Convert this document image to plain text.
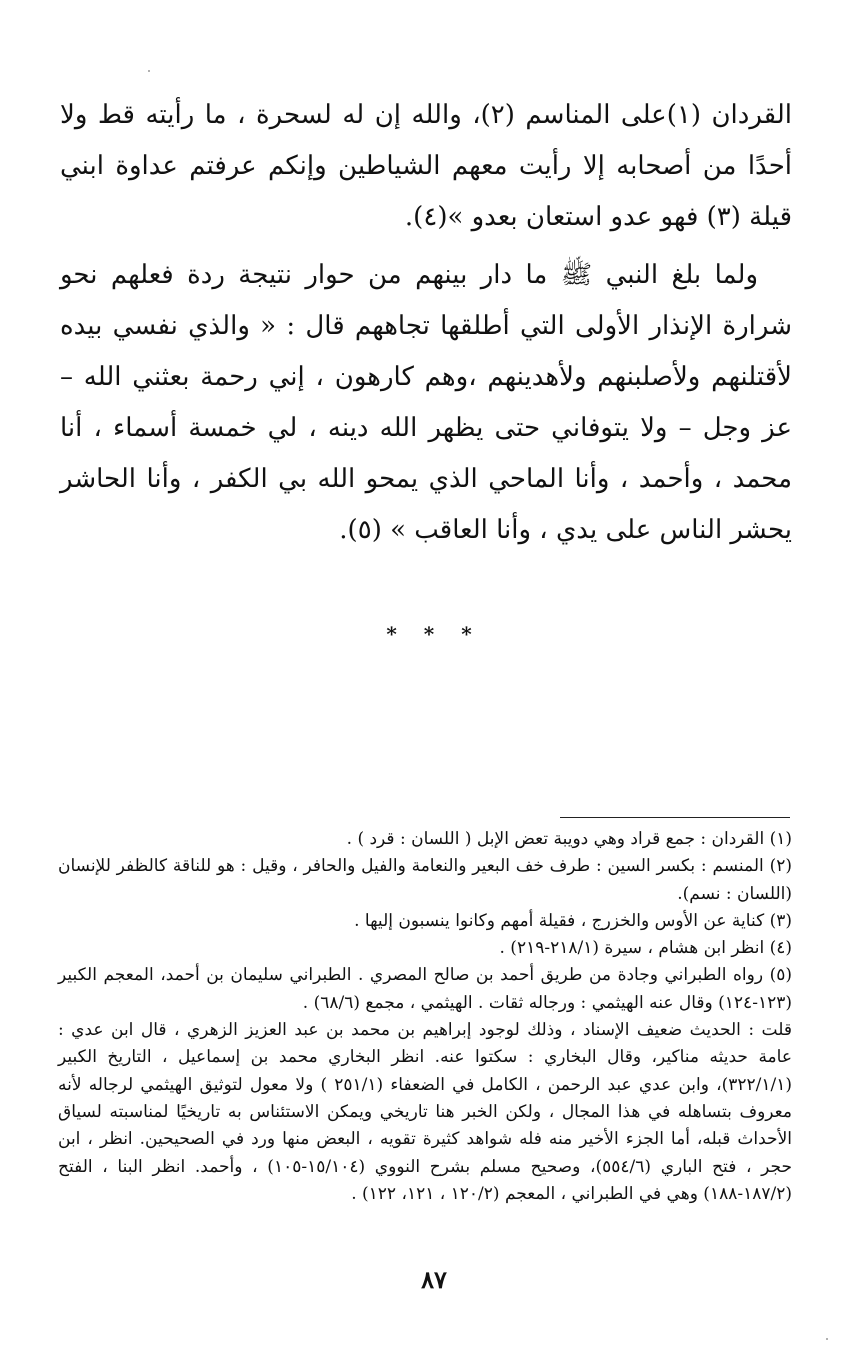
القردان (١)على المناسم (٢)، والله إن له لسحرة ، ما رأيته قط ولا أحدًا من أصحابه إلا رأيت معهم الشياطين وإنكم عرفتم عداوة ابني قيلة (٣) فهو عدو استعان بعدو »(٤).

ولما بلغ النبي ﷺ ما دار بينهم من حوار نتيجة ردة فعلهم نحو شرارة الإنذار الأولى التي أطلقها تجاههم قال : « والذي نفسي بيده لأقتلنهم ولأصلبنهم ولأهدينهم ،وهم كارهون ، إني رحمة بعثني الله – عز وجل – ولا يتوفاني حتى يظهر الله دينه ، لي خمسة أسماء ، أنا محمد ، وأحمد ، وأنا الماحي الذي يمحو الله بي الكفر ، وأنا الحاشر يحشر الناس على يدي ، وأنا العاقب » (٥).

* * *

(١) القردان : جمع قراد وهي دويبة تعض الإبل ( اللسان : قرد ) .

(٢) المنسم : بكسر السين : طرف خف البعير والنعامة والفيل والحافر ، وقيل : هو للناقة كالظفر للإنسان (اللسان : نسم).

(٣) كناية عن الأوس والخزرج ، فقيلة أمهم وكانوا ينسبون إليها .

(٤) انظر ابن هشام ، سيرة (٢١٨/١-٢١٩) .

(٥) رواه الطبراني وجادة من طريق أحمد بن صالح المصري . الطبراني سليمان بن أحمد، المعجم الكبير (١٢٣-١٢٤) وقال عنه الهيثمي : ورجاله ثقات . الهيثمي ، مجمع (٦٨/٦) .

قلت : الحديث ضعيف الإسناد ، وذلك لوجود إبراهيم بن محمد بن عبد العزيز الزهري ، قال ابن عدي : عامة حديثه مناكير، وقال البخاري : سكتوا عنه. انظر البخاري محمد بن إسماعيل ، التاريخ الكبير (٣٢٢/١/١)، وابن عدي عبد الرحمن ، الكامل في الضعفاء (٢٥١/١ ) ولا معول لتوثيق الهيثمي لرجاله لأنه معروف بتساهله في هذا المجال ، ولكن الخبر هنا تاريخي ويمكن الاستئناس به تاريخيًا لمناسبته لسياق الأحداث قبله، أما الجزء الأخير منه فله شواهد كثيرة تقويه ، البعض منها ورد في الصحيحين. انظر ، ابن حجر ، فتح الباري (٥٥٤/٦)، وصحيح مسلم بشرح النووي (١٥/١٠٤-١٠٥) ، وأحمد. انظر البنا ، الفتح (١٨٧/٢-١٨٨) وهي في الطبراني ، المعجم (١٢٠/٢ ، ١٢١، ١٢٢) .

٨٧
